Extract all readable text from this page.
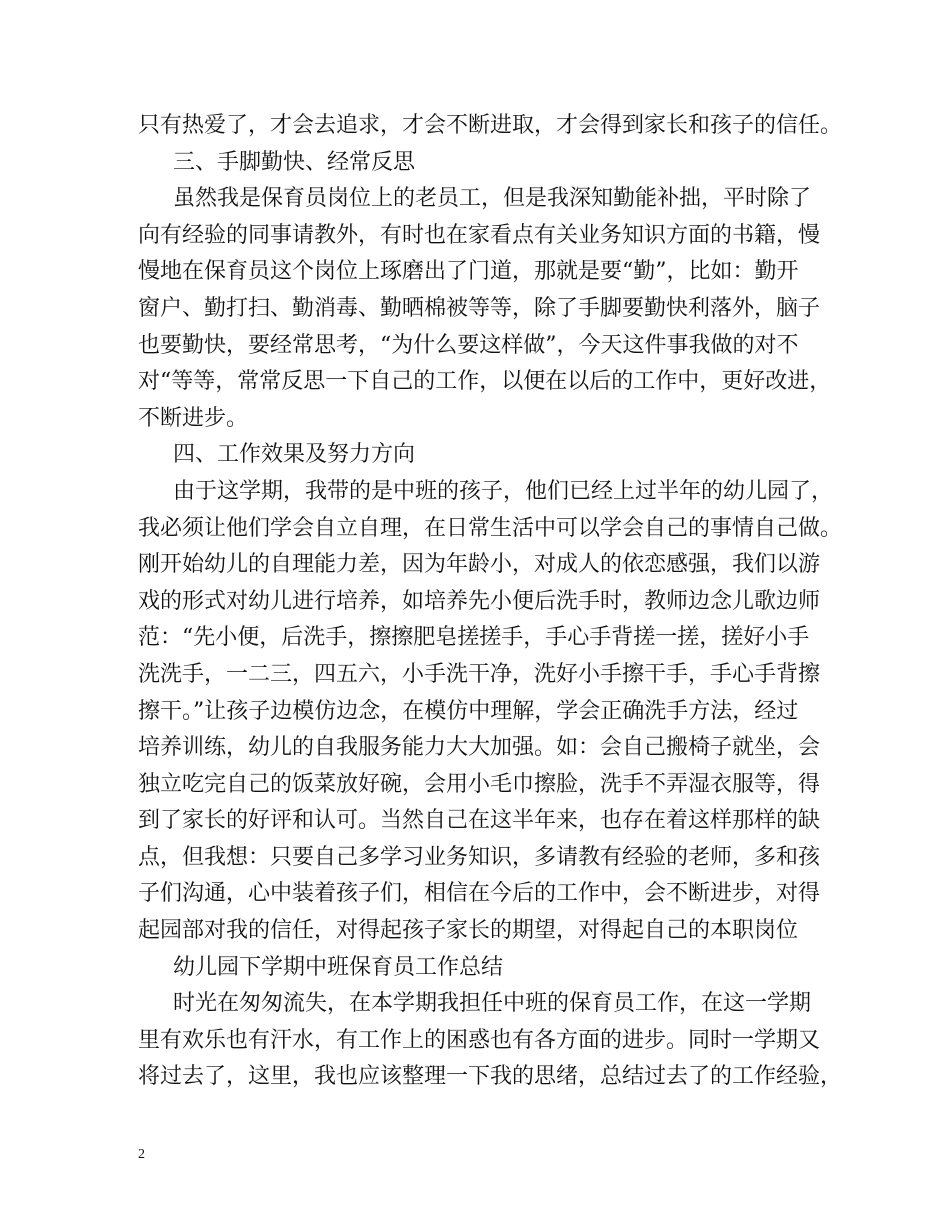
只有热爱了，才会去追求，才会不断进取，才会得到家长和孩子的信任。
三、手脚勤快、经常反思
虽然我是保育员岗位上的老员工，但是我深知勤能补拙，平时除了
向有经验的同事请教外，有时也在家看点有关业务知识方面的书籍，慢
慢地在保育员这个岗位上琢磨出了门道，那就是要“勤”，比如：勤开
窗户、勤打扫、勤消毒、勤晒棉被等等，除了手脚要勤快利落外，脑子
也要勤快，要经常思考，“为什么要这样做”，今天这件事我做的对不
对“等等，常常反思一下自己的工作，以便在以后的工作中，更好改进，
不断进步。
四、工作效果及努力方向
由于这学期，我带的是中班的孩子，他们已经上过半年的幼儿园了，
我必须让他们学会自立自理，在日常生活中可以学会自己的事情自己做。
刚开始幼儿的自理能力差，因为年龄小，对成人的依恋感强，我们以游
戏的形式对幼儿进行培养，如培养先小便后洗手时，教师边念儿歌边师
范：“先小便，后洗手，擦擦肥皂搓搓手，手心手背搓一搓，搓好小手
洗洗手，一二三，四五六，小手洗干净，洗好小手擦干手，手心手背擦
擦干。”让孩子边模仿边念，在模仿中理解，学会正确洗手方法，经过
培养训练，幼儿的自我服务能力大大加强。如：会自己搬椅子就坐，会
独立吃完自己的饭菜放好碗，会用小毛巾擦脸，洗手不弄湿衣服等，得
到了家长的好评和认可。当然自己在这半年来，也存在着这样那样的缺
点，但我想：只要自己多学习业务知识，多请教有经验的老师，多和孩
子们沟通，心中装着孩子们，相信在今后的工作中，会不断进步，对得
起园部对我的信任，对得起孩子家长的期望，对得起自己的本职岗位
幼儿园下学期中班保育员工作总结
时光在匆匆流失，在本学期我担任中班的保育员工作，在这一学期
里有欢乐也有汗水，有工作上的困惑也有各方面的进步。同时一学期又
将过去了，这里，我也应该整理一下我的思绪，总结过去了的工作经验，
2
